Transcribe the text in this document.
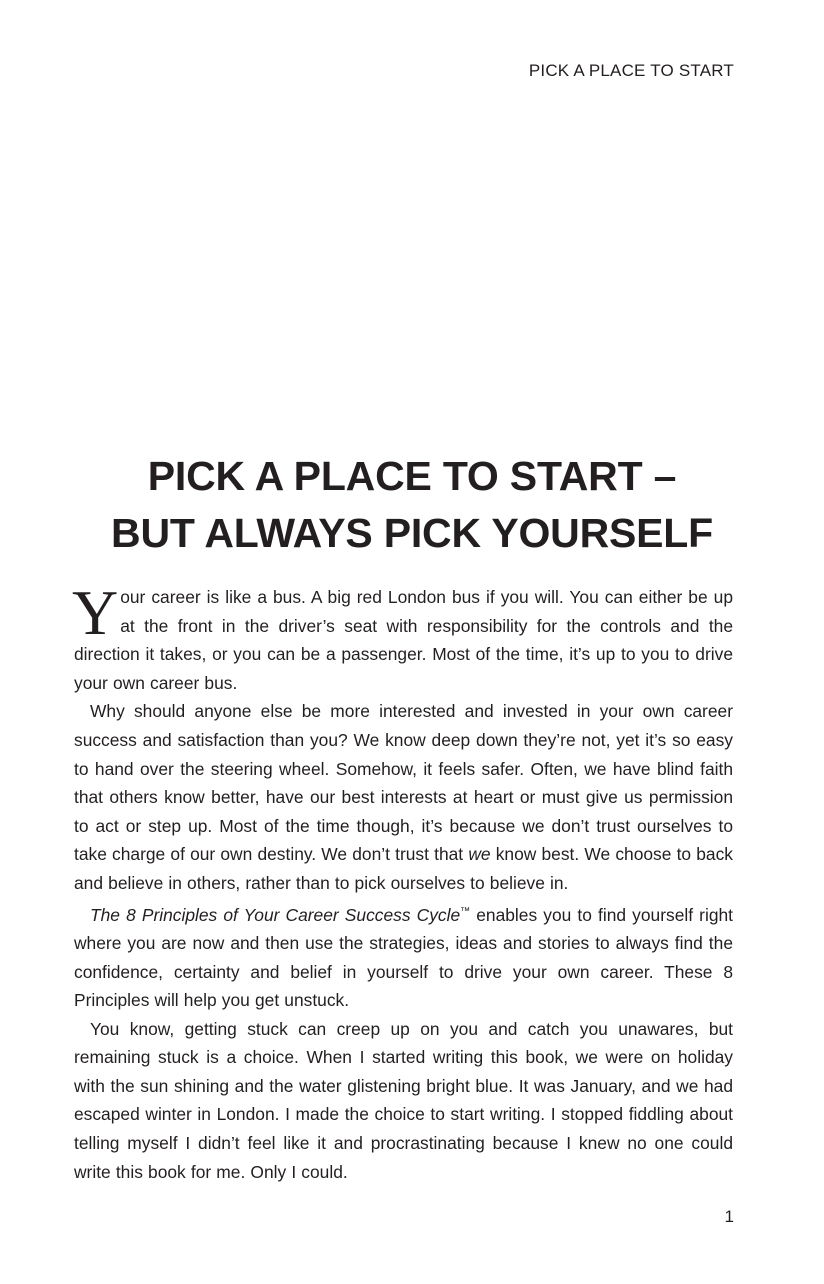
PICK A PLACE TO START
PICK A PLACE TO START –
BUT ALWAYS PICK YOURSELF

Your career is like a bus. A big red London bus if you will. You can either be up at the front in the driver’s seat with responsibility for the controls and the direction it takes, or you can be a passenger. Most of the time, it’s up to you to drive your own career bus.

Why should anyone else be more interested and invested in your own career success and satisfaction than you? We know deep down they’re not, yet it’s so easy to hand over the steering wheel. Somehow, it feels safer. Often, we have blind faith that others know better, have our best interests at heart or must give us permission to act or step up. Most of the time though, it’s because we don’t trust ourselves to take charge of our own destiny. We don’t trust that we know best. We choose to back and believe in others, rather than to pick ourselves to believe in.

The 8 Principles of Your Career Success Cycle™ enables you to find yourself right where you are now and then use the strategies, ideas and stories to always find the confidence, certainty and belief in yourself to drive your own career. These 8 Principles will help you get unstuck.

You know, getting stuck can creep up on you and catch you unawares, but remaining stuck is a choice. When I started writing this book, we were on holiday with the sun shining and the water glistening bright blue. It was January, and we had escaped winter in London. I made the choice to start writing. I stopped fiddling about telling myself I didn’t feel like it and procrastinating because I knew no one could write this book for me. Only I could.

1
